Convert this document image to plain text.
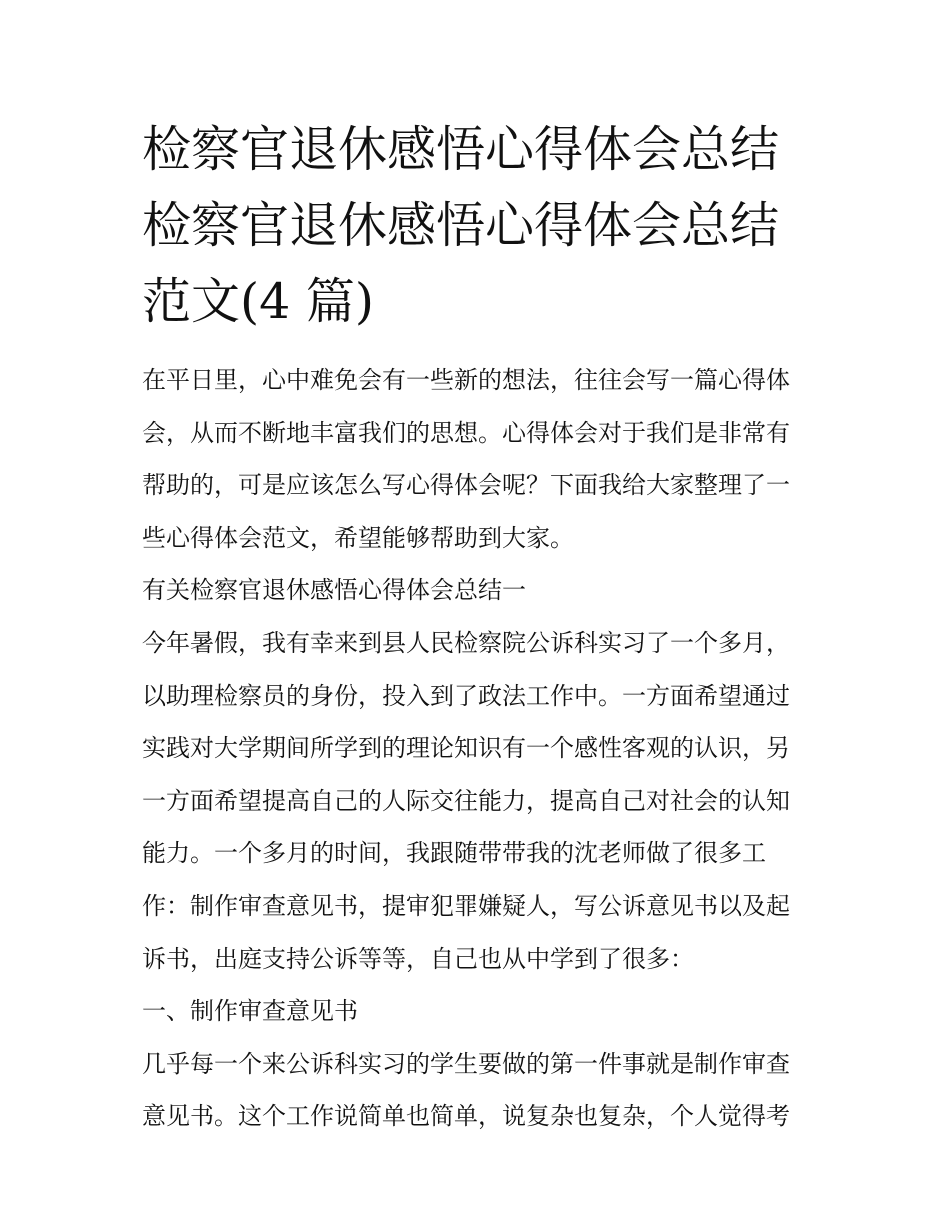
检察官退休感悟心得体会总结
检察官退休感悟心得体会总结
范文(4 篇)
在平日里，心中难免会有一些新的想法，往往会写一篇心得体
会，从而不断地丰富我们的思想。心得体会对于我们是非常有
帮助的，可是应该怎么写心得体会呢？下面我给大家整理了一
些心得体会范文，希望能够帮助到大家。
有关检察官退休感悟心得体会总结一
今年暑假，我有幸来到县人民检察院公诉科实习了一个多月，
以助理检察员的身份，投入到了政法工作中。一方面希望通过
实践对大学期间所学到的理论知识有一个感性客观的认识，另
一方面希望提高自己的人际交往能力，提高自己对社会的认知
能力。一个多月的时间，我跟随带带我的沈老师做了很多工
作：制作审查意见书，提审犯罪嫌疑人，写公诉意见书以及起
诉书，出庭支持公诉等等，自己也从中学到了很多：
一、制作审查意见书
几乎每一个来公诉科实习的学生要做的第一件事就是制作审查
意见书。这个工作说简单也简单，说复杂也复杂，个人觉得考
